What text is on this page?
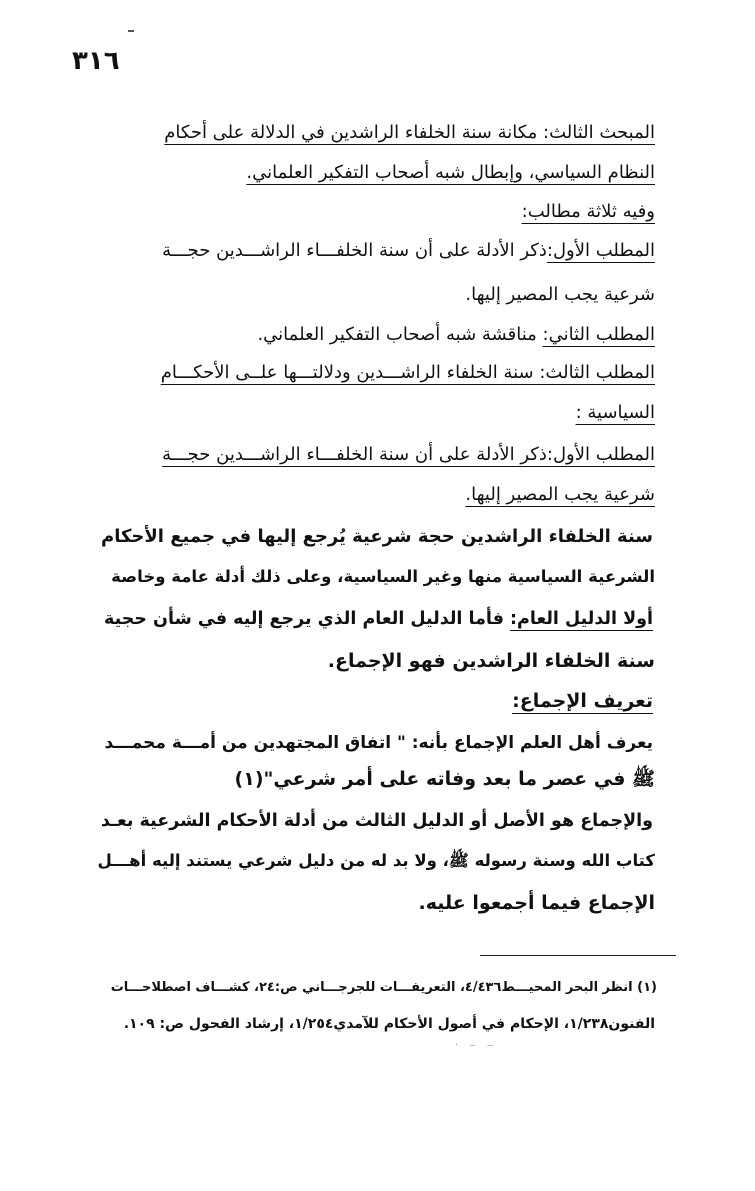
٣١٦
المبحث الثالث: مكانة سنة الخلفاء الراشدين في الدلالة على أحكام
النظام السياسي، وإبطال شبه أصحاب التفكير العلماني.
وفيه ثلاثة مطالب:
المطلب الأول:ذكر الأدلة على أن سنة الخلفـــاء الراشـــدين حجـــة
شرعية يجب المصير إليها.
المطلب الثاني: مناقشة شبه أصحاب التفكير العلماني.
المطلب الثالث: سنة الخلفاء الراشـــدين ودلالتـــها علــى الأحكـــام
السياسية :
المطلب الأول:ذكر الأدلة على أن سنة الخلفـــاء الراشـــدين حجـــة
شرعية يجب المصير إليها.
سنة الخلفاء الراشدين حجة شرعية يُرجع إليها في جميع الأحكام
الشرعية السياسية منها وغير السياسية، وعلى ذلك أدلة عامة وخاصة
أولا الدليل العام: فأما الدليل العام الذي يرجع إليه في شأن حجية
سنة الخلفاء الراشدين فهو الإجماع.
تعريف الإجماع:
يعرف أهل العلم الإجماع بأنه: " اتفاق المجتهدين من أمـــة محمـــد
ﷺ في عصر ما بعد وفاته على أمر شرعي"(١)
والإجماع هو الأصل أو الدليل الثالث من أدلة الأحكام الشرعية بعـد
كتاب الله وسنة رسوله ﷺ، ولا بد له من دليل شرعي يستند إليه أهـــل
الإجماع فيما أجمعوا عليه.
(١) انظر البحر المحيـــط٤/٤٣٦، التعريفـــات للجرجـــاني ص:٢٤، كشـــاف اصطلاحـــات
الفنون١/٢٣٨، الإحكام في أصول الأحكام للآمدي١/٢٥٤، إرشاد الفحول ص: ١٠٩.
· ‒ ‒
